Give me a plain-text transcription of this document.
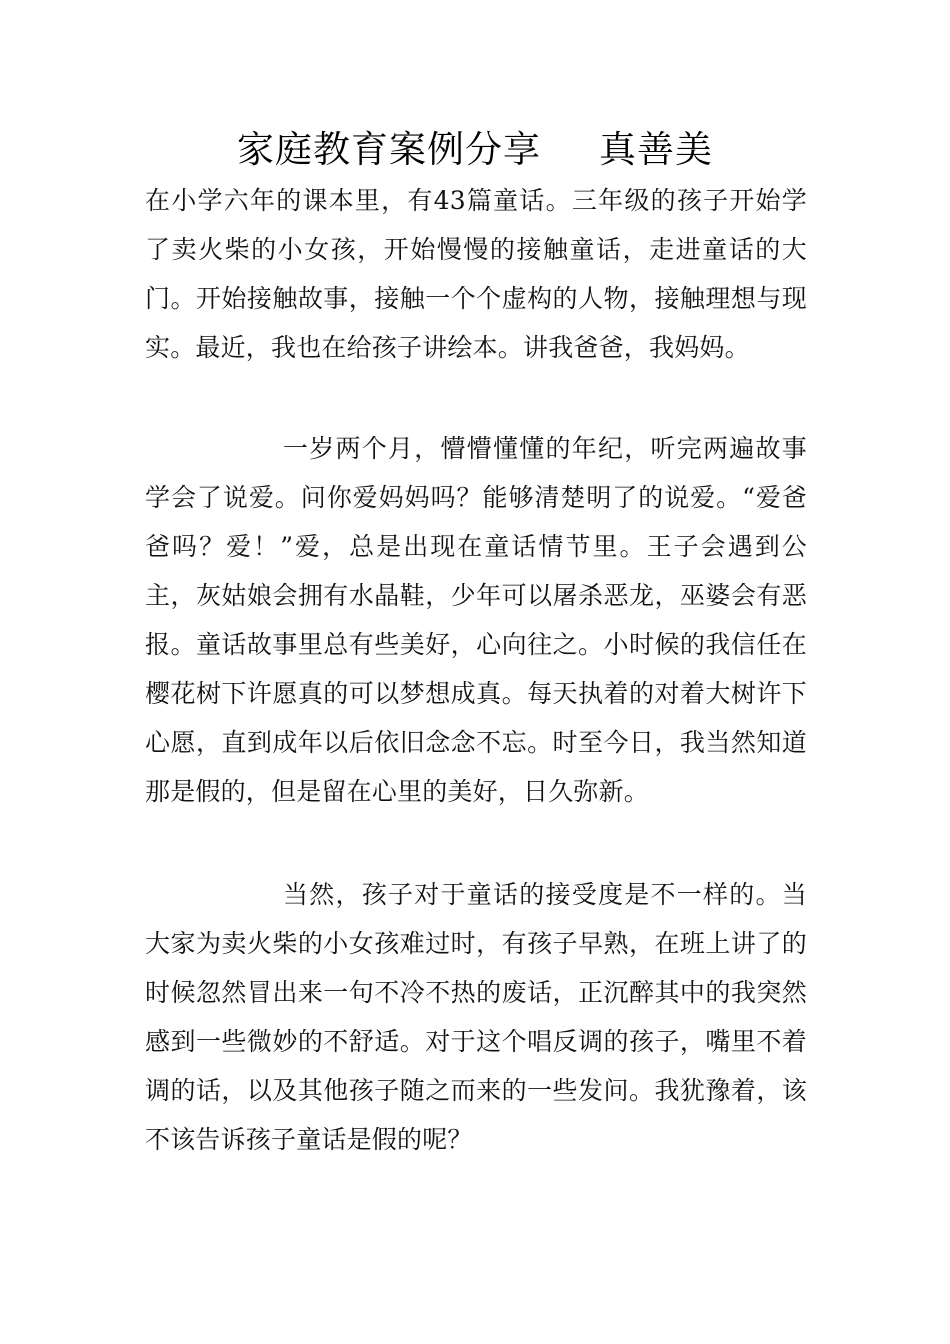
家庭教育案例分享 真善美

在小学六年的课本里，有43篇童话。三年级的孩子开始学了卖火柴的小女孩，开始慢慢的接触童话，走进童话的大门。开始接触故事，接触一个个虚构的人物，接触理想与现实。最近，我也在给孩子讲绘本。讲我爸爸，我妈妈。

一岁两个月，懵懵懂懂的年纪，听完两遍故事学会了说爱。问你爱妈妈吗？能够清楚明了的说爱。“爱爸爸吗？爱！”爱，总是出现在童话情节里。王子会遇到公主，灰姑娘会拥有水晶鞋，少年可以屠杀恶龙，巫婆会有恶报。童话故事里总有些美好，心向往之。小时候的我信任在樱花树下许愿真的可以梦想成真。每天执着的对着大树许下心愿，直到成年以后依旧念念不忘。时至今日，我当然知道那是假的，但是留在心里的美好，日久弥新。

当然，孩子对于童话的接受度是不一样的。当大家为卖火柴的小女孩难过时，有孩子早熟，在班上讲了的时候忽然冒出来一句不冷不热的废话，正沉醉其中的我突然感到一些微妙的不舒适。对于这个唱反调的孩子，嘴里不着调的话，以及其他孩子随之而来的一些发问。我犹豫着，该不该告诉孩子童话是假的呢？
